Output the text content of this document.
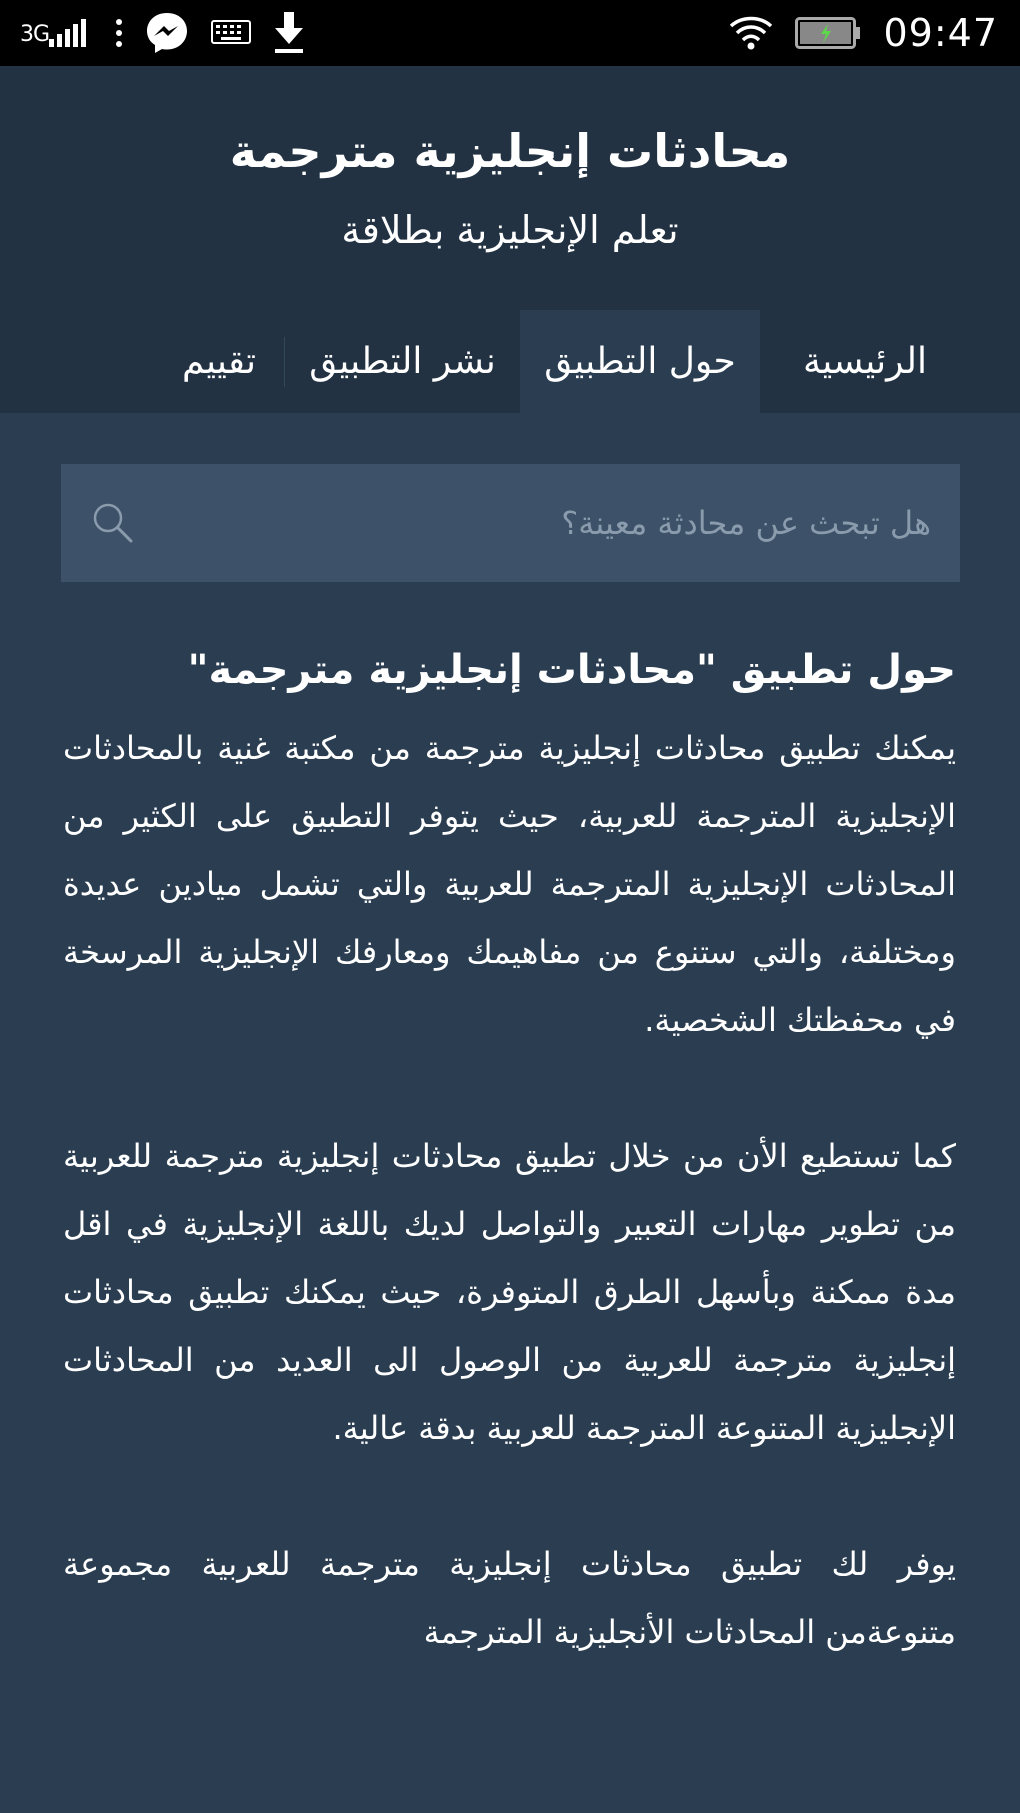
3G	09:47
محادثات إنجليزية مترجمة
تعلم الإنجليزية بطلاقة
الرئيسية
حول التطبيق
نشر التطبيق
تقييم
هل تبحث عن محادثة معينة؟
حول تطبيق "محادثات إنجليزية مترجمة"

يمكنك تطبيق محادثات إنجليزية مترجمة من مكتبة غنية بالمحادثات الإنجليزية المترجمة للعربية، حيث يتوفر التطبيق على الكثير من المحادثات الإنجليزية المترجمة للعربية والتي تشمل ميادين عديدة ومختلفة، والتي ستنوع من مفاهيمك ومعارفك الإنجليزية المرسخة في محفظتك الشخصية.

كما تستطيع الأن من خلال تطبيق محادثات إنجليزية مترجمة للعربية من تطوير مهارات التعبير والتواصل لديك باللغة الإنجليزية في اقل مدة ممكنة وبأسهل الطرق المتوفرة، حيث يمكنك تطبيق محادثات إنجليزية مترجمة للعربية من الوصول الى العديد من المحادثات الإنجليزية المتنوعة المترجمة للعربية بدقة عالية.

يوفر لك تطبيق محادثات إنجليزية مترجمة للعربية مجموعة متنوعةمن المحادثات الأنجليزية المترجمة
